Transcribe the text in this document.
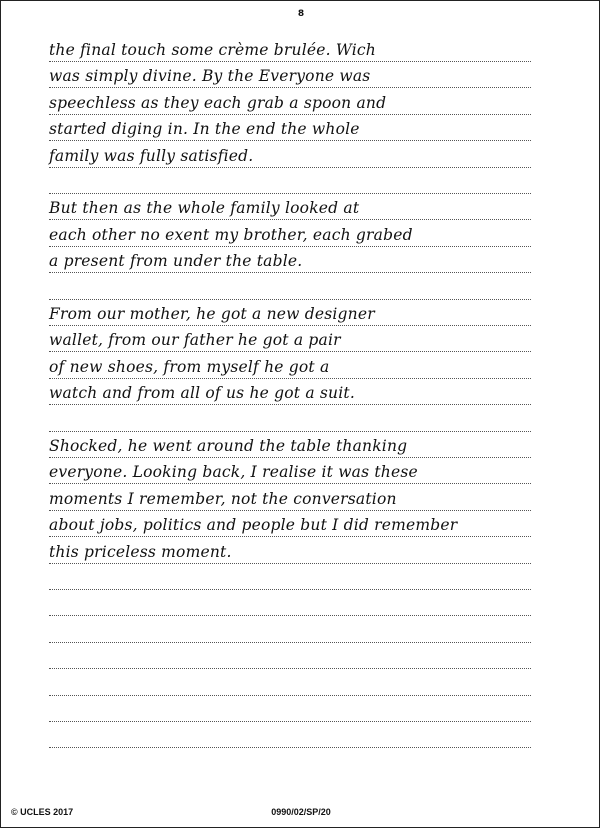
8
the final touch some crème brulée. Wich
was simply divine. By the Everyone was
speechless as they each grab a spoon and
started diging in. In the end the whole
family was fully satisfied.
But then as the whole family looked at
each other no exent my brother, each grabed
a present from under the table.
From our mother, he got a new designer
wallet, from our father he got a pair
of new shoes, from myself he got a
watch and from all of us he got a suit.
Shocked, he went around the table thanking
everyone. Looking back, I realise it was these
moments I remember, not the conversation
about jobs, politics and people but I did remember
this priceless moment.
© UCLES 2017	0990/02/SP/20
